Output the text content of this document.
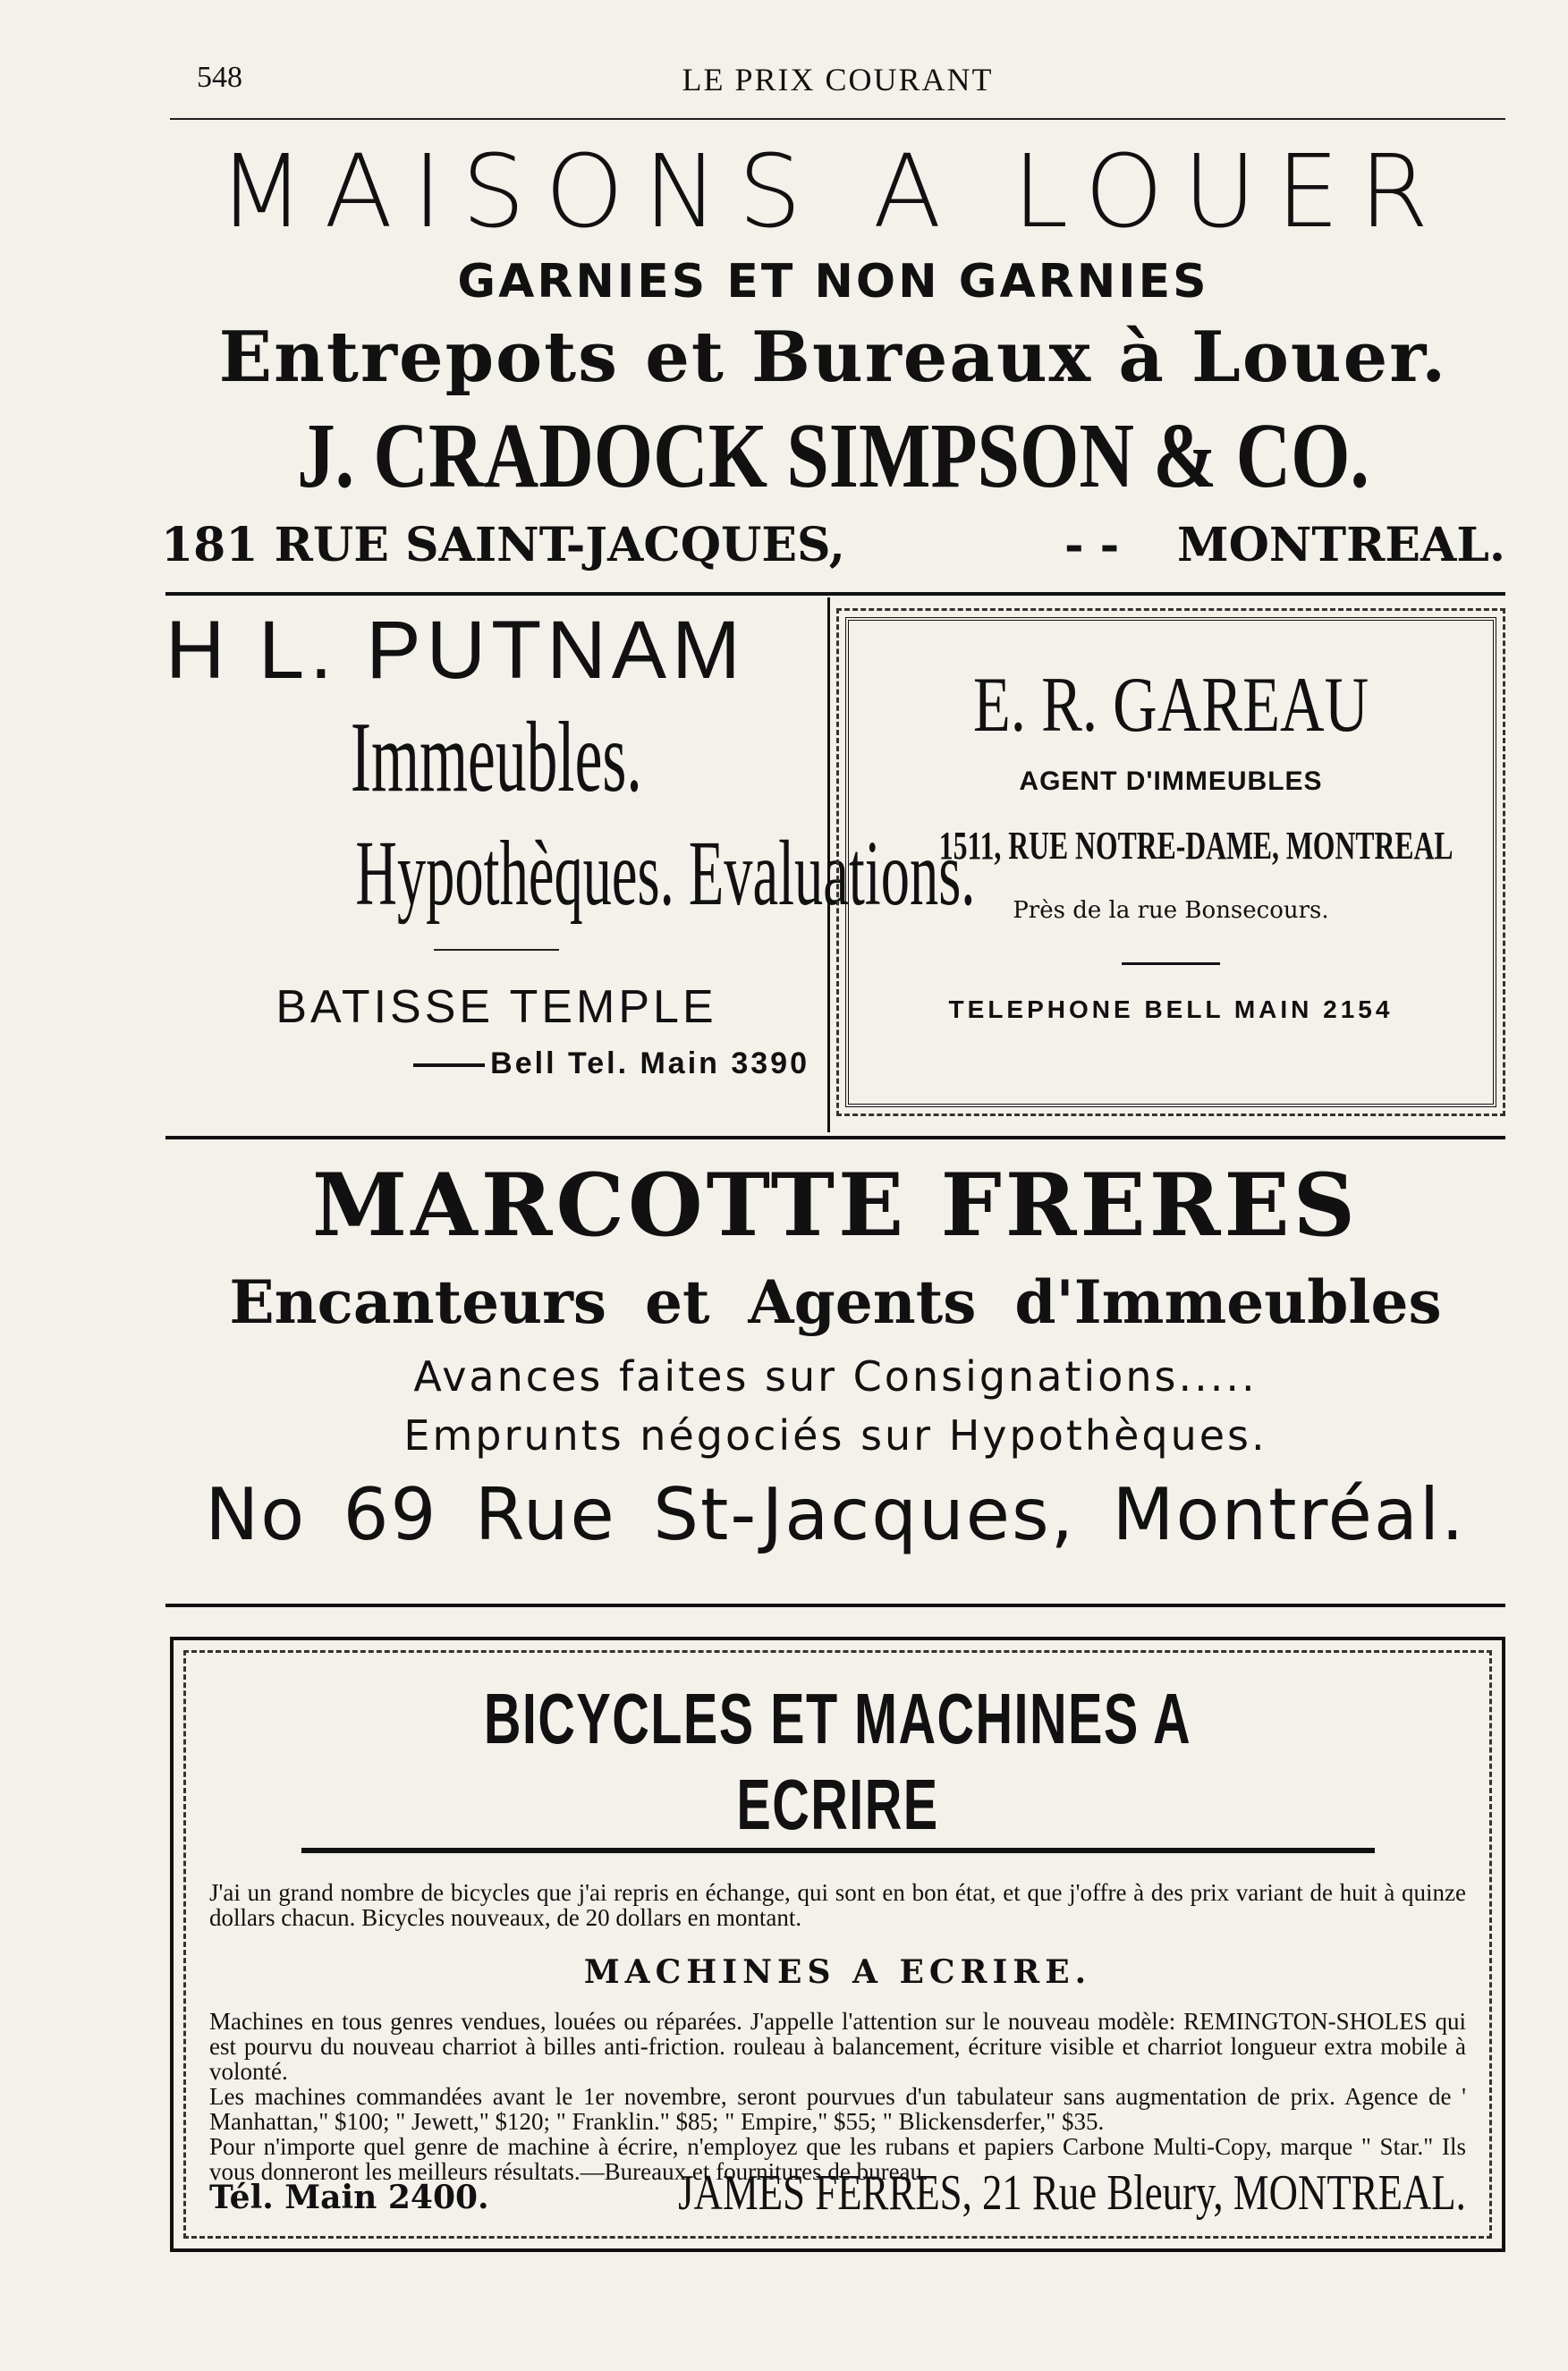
548	LE PRIX COURANT
MAISONS A LOUER
GARNIES ET NON GARNIES
Entrepots et Bureaux à Louer.
J. CRADOCK SIMPSON & CO.
181 RUE SAINT-JACQUES,	- - MONTREAL.
H L. PUTNAM
Immeubles.
Hypothèques. Evaluations.
BATISSE TEMPLE
Bell Tel. Main 3390
E. R. GAREAU
AGENT D'IMMEUBLES
1511, RUE NOTRE-DAME, MONTREAL
Près de la rue Bonsecours.
TELEPHONE BELL MAIN 2154
MARCOTTE FRERES
Encanteurs et Agents d'Immeubles
Avances faites sur Consignations.....
Emprunts négociés sur Hypothèques.
No 69 Rue St-Jacques, Montréal.
BICYCLES ET MACHINES A ECRIRE

J'ai un grand nombre de bicycles que j'ai repris en échange, qui sont en bon état, et que j'offre à des prix variant de huit à quinze dollars chacun. Bicycles nouveaux, de 20 dollars en montant.

MACHINES A ECRIRE.

Machines en tous genres vendues, louées ou réparées. J'appelle l'attention sur le nouveau modèle: REMINGTON-SHOLES qui est pourvu du nouveau charriot à billes anti-friction. rouleau à balancement, écriture visible et charriot longueur extra mobile à volonté.

Les machines commandées avant le 1er novembre, seront pourvues d'un tabulateur sans augmentation de prix. Agence de ' Manhattan," $100; " Jewett," $120; " Franklin." $85; " Empire," $55; " Blickensderfer," $35.

Pour n'importe quel genre de machine à écrire, n'employez que les rubans et papiers Carbone Multi-Copy, marque " Star." Ils vous donneront les meilleurs résultats.—Bureaux et fournitures de bureau.

Tél. Main 2400.	JAMES FERRES, 21 Rue Bleury, MONTREAL.
